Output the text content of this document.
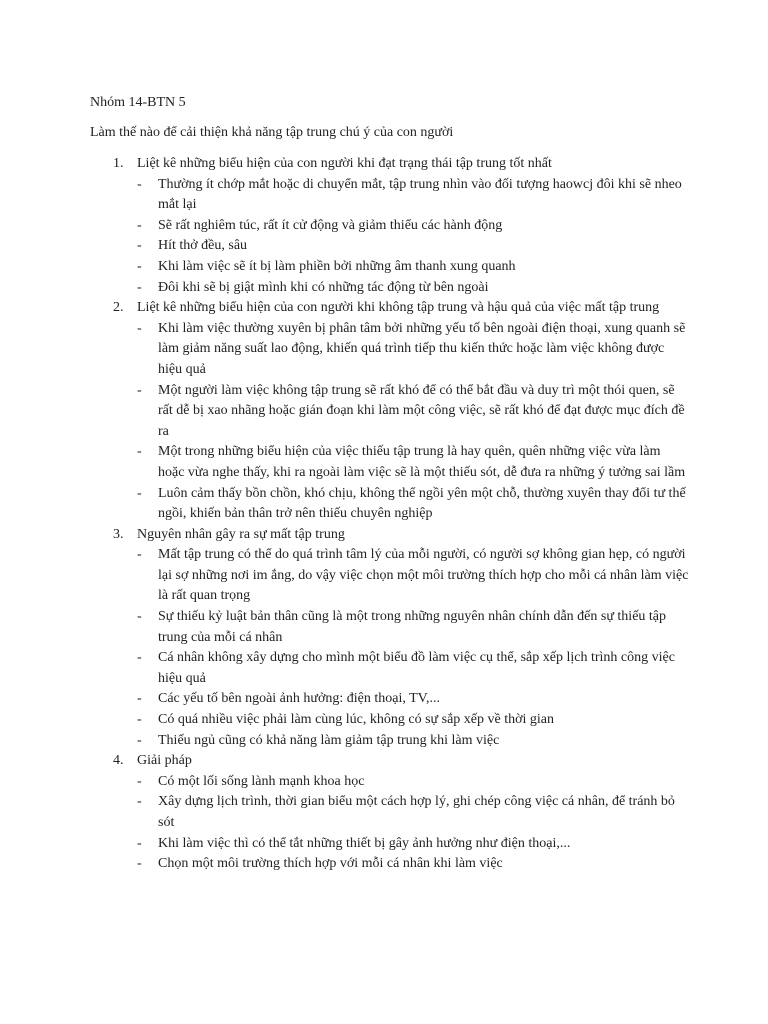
Nhóm 14-BTN 5

Làm thế nào để cải thiện khả năng tập trung chú ý của con người

1. Liệt kê những biểu hiện của con người khi đạt trạng thái tập trung tốt nhất
- Thường ít chớp mắt hoặc di chuyển mắt, tập trung nhìn vào đối tượng haowcj đôi khi sẽ nheo mắt lại
- Sẽ rất nghiêm túc, rất ít cử động và giảm thiểu các hành động
- Hít thở đều, sâu
- Khi làm việc sẽ ít bị làm phiền bởi những âm thanh xung quanh
- Đôi khi sẽ bị giật mình khi có những tác động từ bên ngoài
2. Liệt kê những biểu hiện của con người khi không tập trung và hậu quả của việc mất tập trung
- Khi làm việc thường xuyên bị phân tâm bởi những yếu tố bên ngoài điện thoại, xung quanh sẽ làm giảm năng suất lao động, khiến quá trình tiếp thu kiến thức hoặc làm việc không được hiệu quả
- Một người làm việc không tập trung sẽ rất khó để có thể bắt đầu và duy trì một thói quen, sẽ rất dễ bị xao nhãng hoặc gián đoạn khi làm một công việc, sẽ rất khó để đạt được mục đích đề ra
- Một trong những biểu hiện của việc thiếu tập trung là hay quên, quên những việc vừa làm hoặc vừa nghe thấy, khi ra ngoài làm việc sẽ là một thiếu sót, dễ đưa ra những ý tưởng sai lầm
- Luôn cảm thấy bồn chồn, khó chịu, không thể ngồi yên một chỗ, thường xuyên thay đổi tư thế ngồi, khiến bản thân trở nên thiếu chuyên nghiệp
3. Nguyên nhân gây ra sự mất tập trung
- Mất tập trung có thể do quá trình tâm lý của mỗi người, có người sợ không gian hẹp, có người lại sợ những nơi im ắng, do vậy việc chọn một môi trường thích hợp cho mỗi cá nhân làm việc là rất quan trọng
- Sự thiếu kỷ luật bản thân cũng là một trong những nguyên nhân chính dẫn đến sự thiếu tập trung của mỗi cá nhân
- Cá nhân không xây dựng cho mình một biểu đồ làm việc cụ thể, sắp xếp lịch trình công việc hiệu quả
- Các yếu tố bên ngoài ảnh hưởng: điện thoại, TV,...
- Có quá nhiều việc phải làm cùng lúc, không có sự sắp xếp về thời gian
- Thiếu ngủ cũng có khả năng làm giảm tập trung khi làm việc
4. Giải pháp
- Có một lối sống lành mạnh khoa học
- Xây dựng lịch trình, thời gian biểu một cách hợp lý, ghi chép công việc cá nhân, để tránh bỏ sót
- Khi làm việc thì có thể tắt những thiết bị gây ảnh hưởng như điện thoại,...
- Chọn một môi trường thích hợp với mỗi cá nhân khi làm việc
